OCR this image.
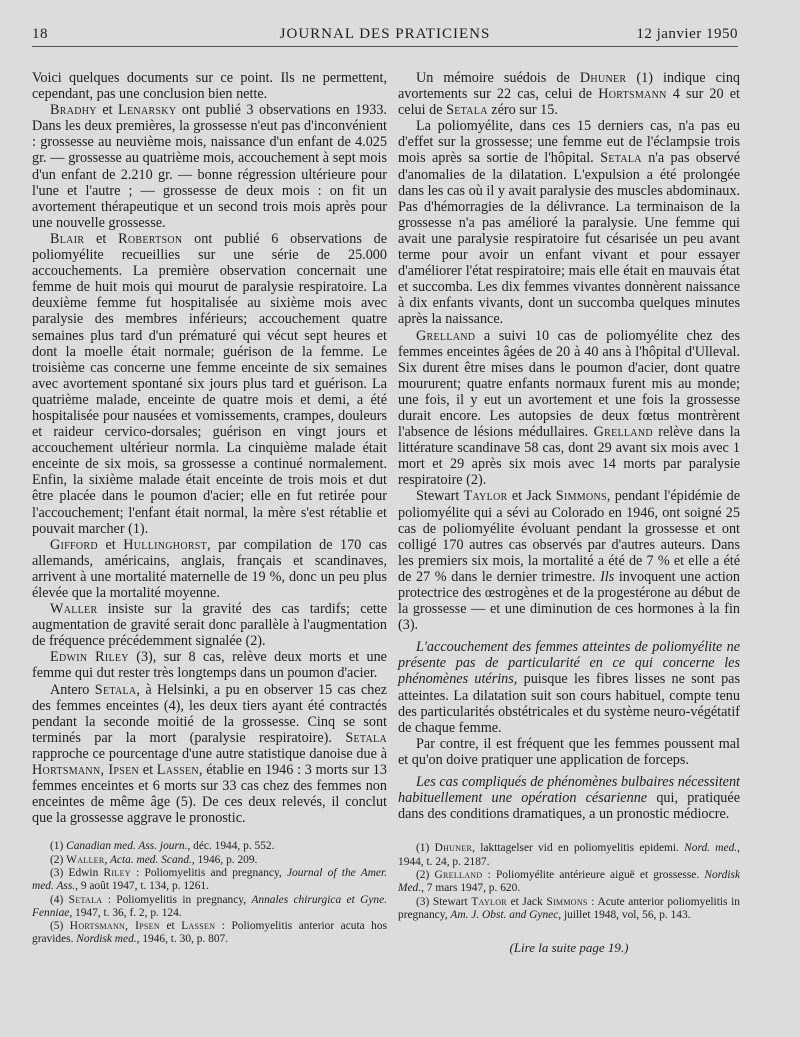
18	JOURNAL DES PRATICIENS	12 janvier 1950

Voici quelques documents sur ce point. Ils ne permettent, cependant, pas une conclusion bien nette.

Bradhy et Lenarsky ont publié 3 observations en 1933. Dans les deux premières, la grossesse n'eut pas d'inconvénient : grossesse au neuvième mois, naissance d'un enfant de 4.025 gr. — grossesse au quatrième mois, accouchement à sept mois d'un enfant de 2.210 gr. — bonne régression ultérieure pour l'une et l'autre ; — grossesse de deux mois : on fit un avortement thérapeutique et un second trois mois après pour une nouvelle grossesse.

Blair et Robertson ont publié 6 observations de poliomyélite recueillies sur une série de 25.000 accouchements. La première observation concernait une femme de huit mois qui mourut de paralysie respiratoire. La deuxième femme fut hospitalisée au sixième mois avec paralysie des membres inférieurs; accouchement quatre semaines plus tard d'un prématuré qui vécut sept heures et dont la moelle était normale; guérison de la femme. Le troisième cas concerne une femme enceinte de six semaines avec avortement spontané six jours plus tard et guérison. La quatrième malade, enceinte de quatre mois et demi, a été hospitalisée pour nausées et vomissements, crampes, douleurs et raideur cervico-dorsales; guérison en vingt jours et accouchement ultérieur normla. La cinquième malade était enceinte de six mois, sa grossesse a continué normalement. Enfin, la sixième malade était enceinte de trois mois et dut être placée dans le poumon d'acier; elle en fut retirée pour l'accouchement; l'enfant était normal, la mère s'est rétablie et pouvait marcher (1).

Gifford et Hullinghorst, par compilation de 170 cas allemands, américains, anglais, français et scandinaves, arrivent à une mortalité maternelle de 19 %, donc un peu plus élevée que la mortalité moyenne.

Waller insiste sur la gravité des cas tardifs; cette augmentation de gravité serait donc parallèle à l'augmentation de fréquence précédemment signalée (2).

Edwin Riley (3), sur 8 cas, relève deux morts et une femme qui dut rester très longtemps dans un poumon d'acier.

Antero Setala, à Helsinki, a pu en observer 15 cas chez des femmes enceintes (4), les deux tiers ayant été contractés pendant la seconde moitié de la grossesse. Cinq se sont terminés par la mort (paralysie respiratoire). Setala rapproche ce pourcentage d'une autre statistique danoise due à Hortsmann, Ipsen et Lassen, établie en 1946 : 3 morts sur 13 femmes enceintes et 6 morts sur 33 cas chez des femmes non enceintes de même âge (5). De ces deux relevés, il conclut que la grossesse aggrave le pronostic.

(1) Canadian med. Ass. journ., déc. 1944, p. 552.

(2) Waller, Acta. med. Scand., 1946, p. 209.

(3) Edwin Riley : Poliomyelitis and pregnancy, Journal of the Amer. med. Ass., 9 août 1947, t. 134, p. 1261.

(4) Setala : Poliomyelitis in pregnancy, Annales chirurgica et Gyne. Fenniae, 1947, t. 36, f. 2, p. 124.

(5) Hortsmann, Ipsen et Lassen : Poliomyelitis anterior acuta hos gravides. Nordisk med., 1946, t. 30, p. 807.

Un mémoire suédois de Dhuner (1) indique cinq avortements sur 22 cas, celui de Hortsmann 4 sur 20 et celui de Setala zéro sur 15.

La poliomyélite, dans ces 15 derniers cas, n'a pas eu d'effet sur la grossesse; une femme eut de l'éclampsie trois mois après sa sortie de l'hôpital. Setala n'a pas observé d'anomalies de la dilatation. L'expulsion a été prolongée dans les cas où il y avait paralysie des muscles abdominaux. Pas d'hémorragies de la délivrance. La terminaison de la grossesse n'a pas amélioré la paralysie. Une femme qui avait une paralysie respiratoire fut césarisée un peu avant terme pour avoir un enfant vivant et pour essayer d'améliorer l'état respiratoire; mais elle était en mauvais état et succomba. Les dix femmes vivantes donnèrent naissance à dix enfants vivants, dont un succomba quelques minutes après la naissance.

Grelland a suivi 10 cas de poliomyélite chez des femmes enceintes âgées de 20 à 40 ans à l'hôpital d'Ulleval. Six durent être mises dans le poumon d'acier, dont quatre moururent; quatre enfants normaux furent mis au monde; une fois, il y eut un avortement et une fois la grossesse durait encore. Les autopsies de deux fœtus montrèrent l'absence de lésions médullaires. Grelland relève dans la littérature scandinave 58 cas, dont 29 avant six mois avec 1 mort et 29 après six mois avec 14 morts par paralysie respiratoire (2).

Stewart Taylor et Jack Simmons, pendant l'épidémie de poliomyélite qui a sévi au Colorado en 1946, ont soigné 25 cas de poliomyélite évoluant pendant la grossesse et ont colligé 170 autres cas observés par d'autres auteurs. Dans les premiers six mois, la mortalité a été de 7 % et elle a été de 27 % dans le dernier trimestre. Ils invoquent une action protectrice des œstrogènes et de la progestérone au début de la grossesse — et une diminution de ces hormones à la fin (3).

L'accouchement des femmes atteintes de poliomyélite ne présente pas de particularité en ce qui concerne les phénomènes utérins, puisque les fibres lisses ne sont pas atteintes. La dilatation suit son cours habituel, compte tenu des particularités obstétricales et du système neuro-végétatif de chaque femme.

Par contre, il est fréquent que les femmes poussent mal et qu'on doive pratiquer une application de forceps.

Les cas compliqués de phénomènes bulbaires nécessitent habituellement une opération césarienne qui, pratiquée dans des conditions dramatiques, a un pronostic médiocre.

(1) Dhuner, lakttagelser vid en poliomyelitis epidemi. Nord. med., 1944, t. 24, p. 2187.

(2) Grelland : Poliomyélite antérieure aiguë et grossesse. Nordisk Med., 7 mars 1947, p. 620.

(3) Stewart Taylor et Jack Simmons : Acute anterior poliomyelitis in pregnancy, Am. J. Obst. and Gynec, juillet 1948, vol, 56, p. 143.

(Lire la suite page 19.)
